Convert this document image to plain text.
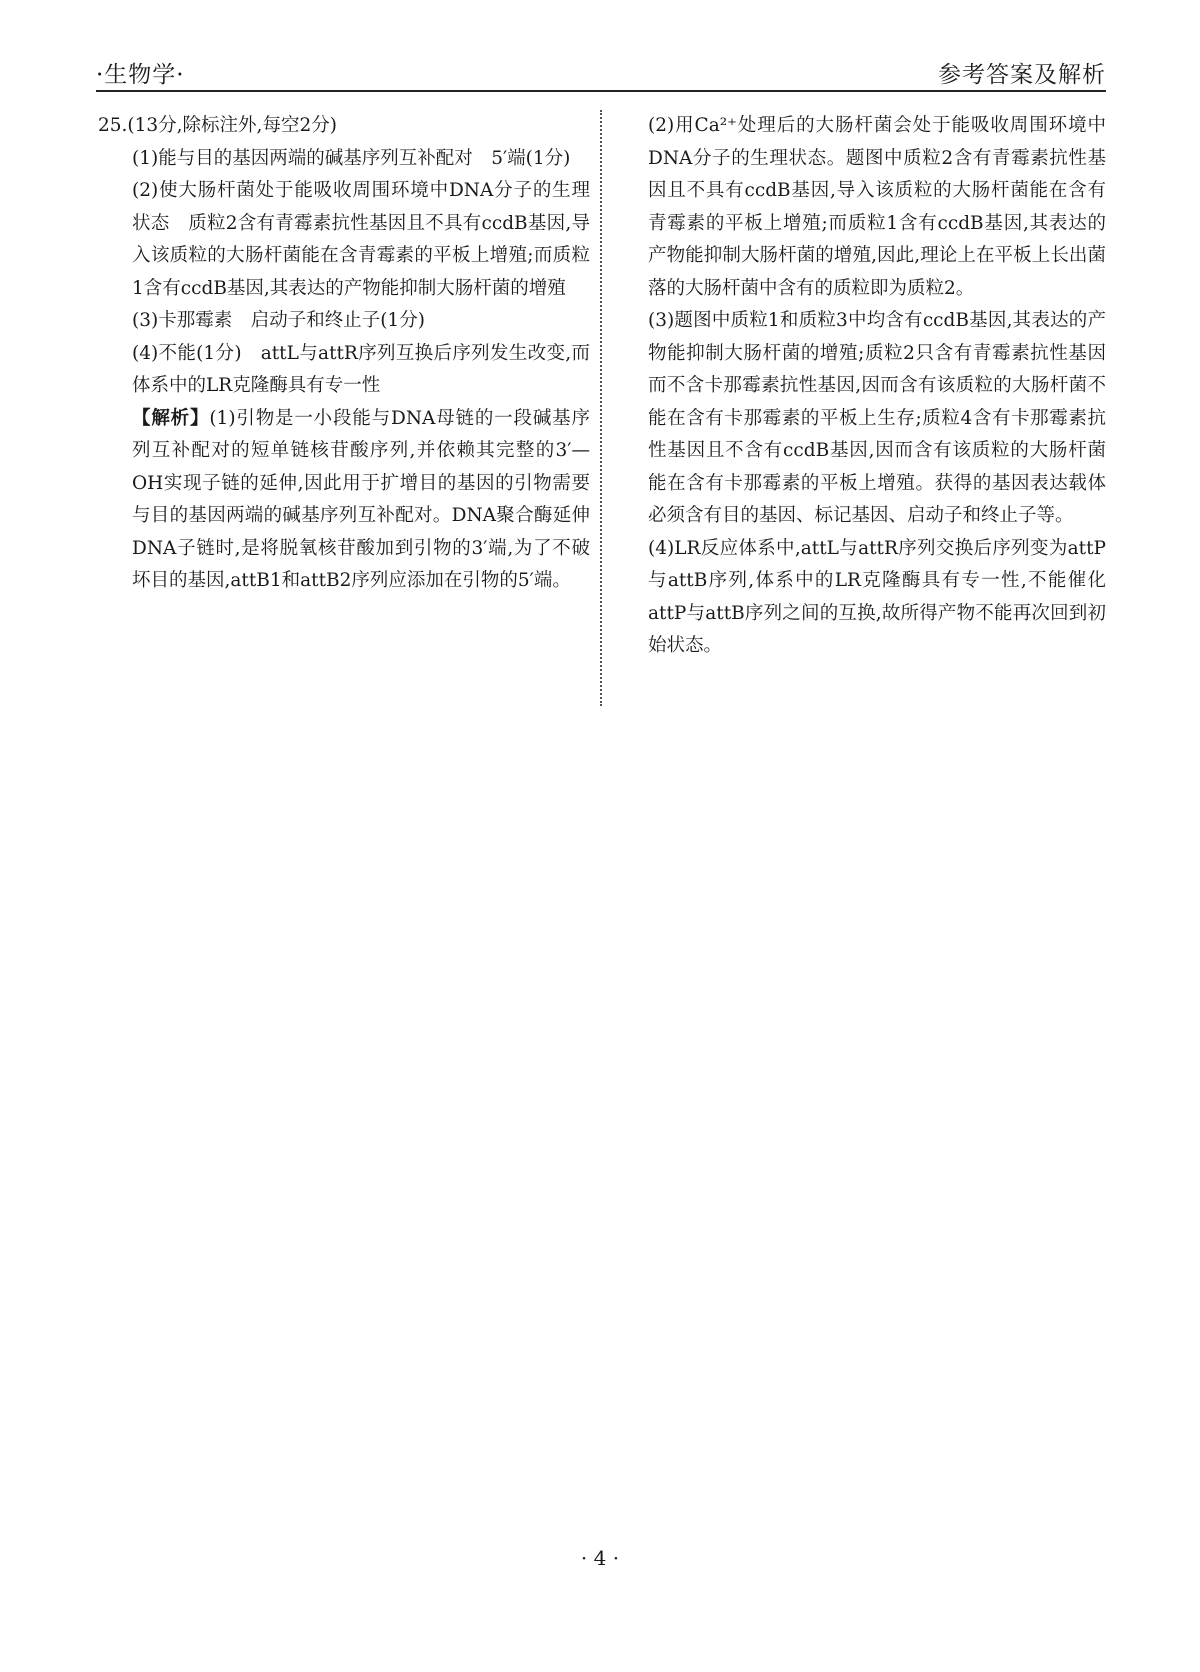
·生物学·	参考答案及解析

25.(13分,除标注外,每空2分)

(1)能与目的基因两端的碱基序列互补配对　5′端(1分)

(2)使大肠杆菌处于能吸收周围环境中DNA分子的生理状态　质粒2含有青霉素抗性基因且不具有ccdB基因,导入该质粒的大肠杆菌能在含青霉素的平板上增殖;而质粒1含有ccdB基因,其表达的产物能抑制大肠杆菌的增殖

(3)卡那霉素　启动子和终止子(1分)

(4)不能(1分)　attL与attR序列互换后序列发生改变,而体系中的LR克隆酶具有专一性

【解析】(1)引物是一小段能与DNA母链的一段碱基序列互补配对的短单链核苷酸序列,并依赖其完整的3′—OH实现子链的延伸,因此用于扩增目的基因的引物需要与目的基因两端的碱基序列互补配对。DNA聚合酶延伸DNA子链时,是将脱氧核苷酸加到引物的3′端,为了不破坏目的基因,attB1和attB2序列应添加在引物的5′端。

(2)用Ca²⁺处理后的大肠杆菌会处于能吸收周围环境中DNA分子的生理状态。题图中质粒2含有青霉素抗性基因且不具有ccdB基因,导入该质粒的大肠杆菌能在含有青霉素的平板上增殖;而质粒1含有ccdB基因,其表达的产物能抑制大肠杆菌的增殖,因此,理论上在平板上长出菌落的大肠杆菌中含有的质粒即为质粒2。

(3)题图中质粒1和质粒3中均含有ccdB基因,其表达的产物能抑制大肠杆菌的增殖;质粒2只含有青霉素抗性基因而不含卡那霉素抗性基因,因而含有该质粒的大肠杆菌不能在含有卡那霉素的平板上生存;质粒4含有卡那霉素抗性基因且不含有ccdB基因,因而含有该质粒的大肠杆菌能在含有卡那霉素的平板上增殖。获得的基因表达载体必须含有目的基因、标记基因、启动子和终止子等。

(4)LR反应体系中,attL与attR序列交换后序列变为attP与attB序列,体系中的LR克隆酶具有专一性,不能催化attP与attB序列之间的互换,故所得产物不能再次回到初始状态。

· 4 ·
